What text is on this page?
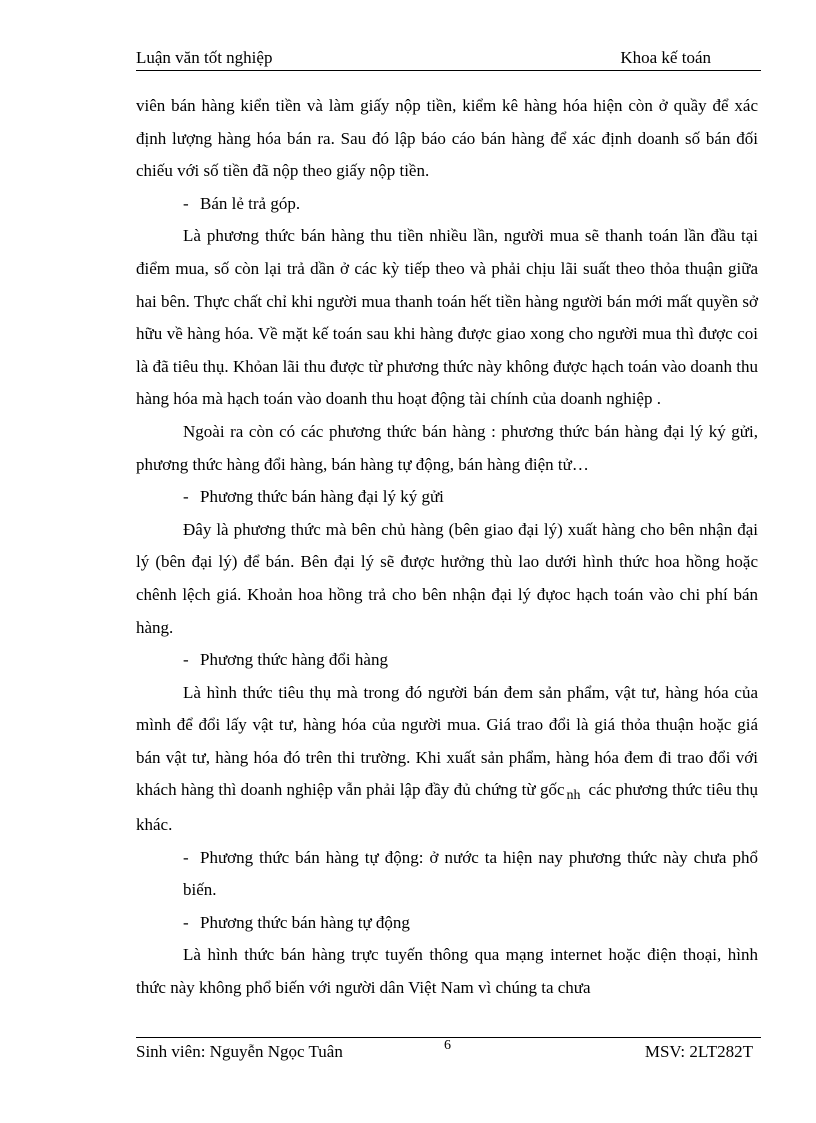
Luận văn tốt nghiệp	Khoa kế toán

viên bán hàng kiển tiền và làm giấy nộp tiền, kiểm kê hàng hóa hiện còn ở quầy để xác định lượng hàng hóa bán ra. Sau đó lập báo cáo bán hàng để xác định doanh số bán đối chiếu với số tiền đã nộp theo giấy nộp tiền.

- Bán lẻ trả góp.

Là phương thức bán hàng thu tiền nhiều lần, người mua sẽ thanh toán lần đầu tại điểm mua, số còn lại trả dần ở các kỳ tiếp theo và phải chịu lãi suất theo thỏa thuận giữa hai bên. Thực chất chỉ khi người mua thanh toán hết tiền hàng người bán mới mất quyền sở hữu về hàng hóa. Về mặt kế toán sau khi hàng được giao xong cho người mua thì được coi là đã tiêu thụ. Khỏan lãi thu được từ phương thức này không được hạch toán vào doanh thu hàng hóa mà hạch toán vào doanh thu hoạt động tài chính của doanh nghiệp .

Ngoài ra còn có các phương thức bán hàng : phương thức bán hàng đại lý ký gửi, phương thức hàng đổi hàng, bán hàng tự động, bán hàng điện tử…

- Phương thức bán hàng đại lý ký gửi

Đây là phương thức mà bên chủ hàng (bên giao đại lý) xuất hàng cho bên nhận đại lý (bên đại lý) để bán. Bên đại lý sẽ được hưởng thù lao dưới hình thức hoa hồng hoặc chênh lệch giá. Khoản hoa hồng trả cho bên nhận đại lý đựoc hạch toán vào chi phí bán hàng.

- Phương thức hàng đổi hàng

Là hình thức tiêu thụ mà trong đó người bán đem sản phẩm, vật tư, hàng hóa của mình để đổi lấy vật tư, hàng hóa của người mua. Giá trao đổi là giá thỏa thuận hoặc giá bán vật tư, hàng hóa đó trên thi trường. Khi xuất sản phẩm, hàng hóa đem đi trao đổi với khách hàng thì doanh nghiệp vẫn phải lập đầy đủ chứng từ gốc $_{nh}$ các phương thức tiêu thụ khác.

- Phương thức bán hàng tự động: ở nước ta hiện nay phương thức này chưa phổ biến.

- Phương thức bán hàng tự động

Là hình thức bán hàng trực tuyến thông qua mạng internet hoặc điện thoại, hình thức này không phổ biến với người dân Việt Nam vì chúng ta chưa

Sinh viên: Nguyễn Ngọc Tuân	6	MSV: 2LT282T
